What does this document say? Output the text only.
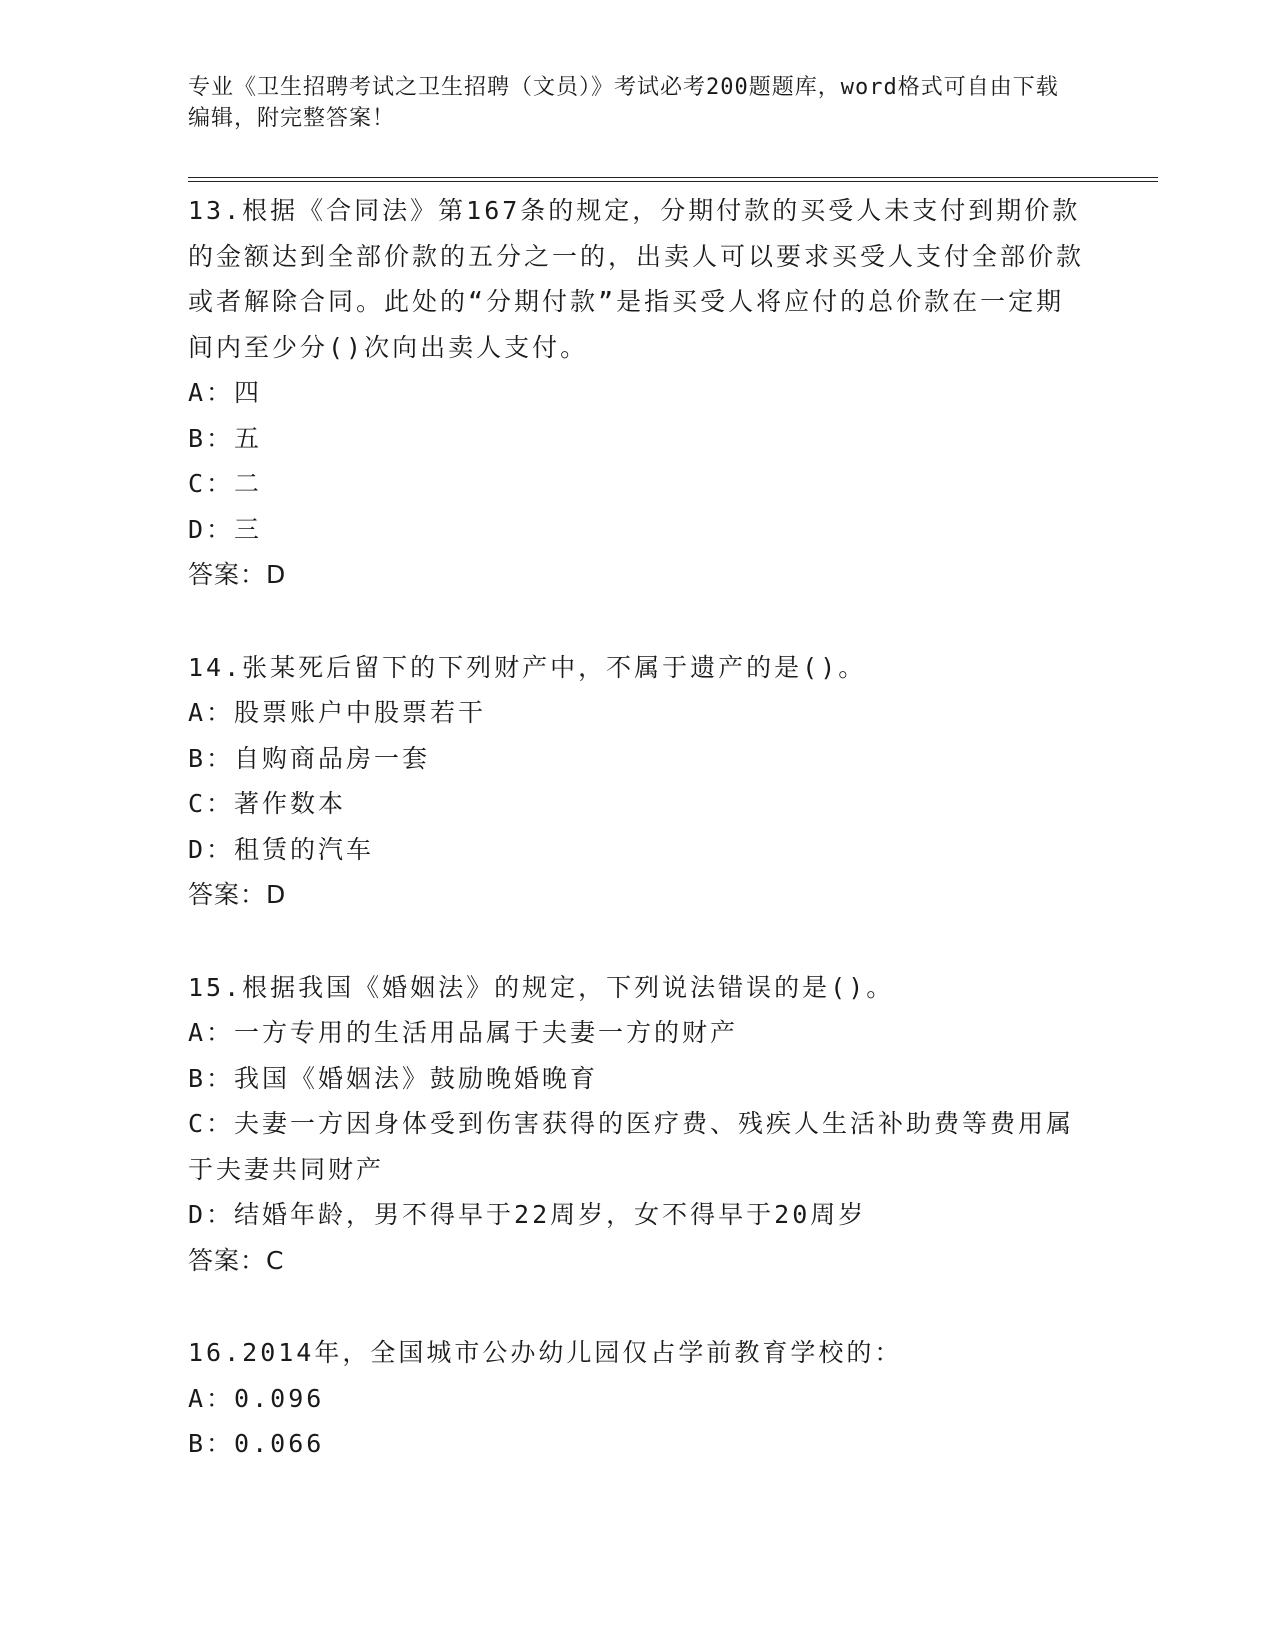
专业《卫生招聘考试之卫生招聘（文员）》考试必考200题题库，word格式可自由下载编辑，附完整答案！
13.根据《合同法》第167条的规定，分期付款的买受人未支付到期价款的金额达到全部价款的五分之一的，出卖人可以要求买受人支付全部价款或者解除合同。此处的“分期付款”是指买受人将应付的总价款在一定期间内至少分()次向出卖人支付。
A：四
B：五
C：二
D：三
答案：D
14.张某死后留下的下列财产中，不属于遗产的是()。
A：股票账户中股票若干
B：自购商品房一套
C：著作数本
D：租赁的汽车
答案：D
15.根据我国《婚姻法》的规定，下列说法错误的是()。
A：一方专用的生活用品属于夫妻一方的财产
B：我国《婚姻法》鼓励晚婚晚育
C：夫妻一方因身体受到伤害获得的医疗费、残疾人生活补助费等费用属于夫妻共同财产
D：结婚年龄，男不得早于22周岁，女不得早于20周岁
答案：C
16.2014年，全国城市公办幼儿园仅占学前教育学校的：
A：0.096
B：0.066
